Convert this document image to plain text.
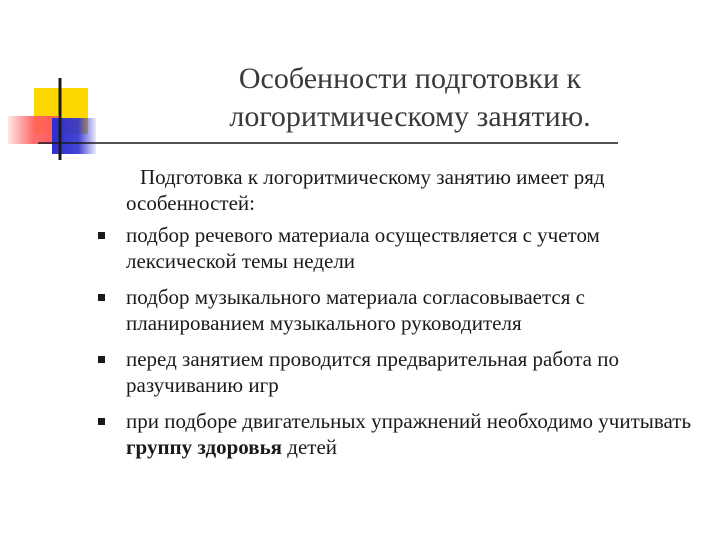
Особенности подготовки к
логоритмическому занятию.

Подготовка к логоритмическому занятию имеет ряд
особенностей:

подбор речевого материала осуществляется с учетом лексической темы недели
подбор музыкального материала согласовывается с планированием музыкального руководителя
перед занятием проводится предварительная работа по разучиванию игр
при подборе двигательных упражнений необходимо учитывать группу здоровья детей
